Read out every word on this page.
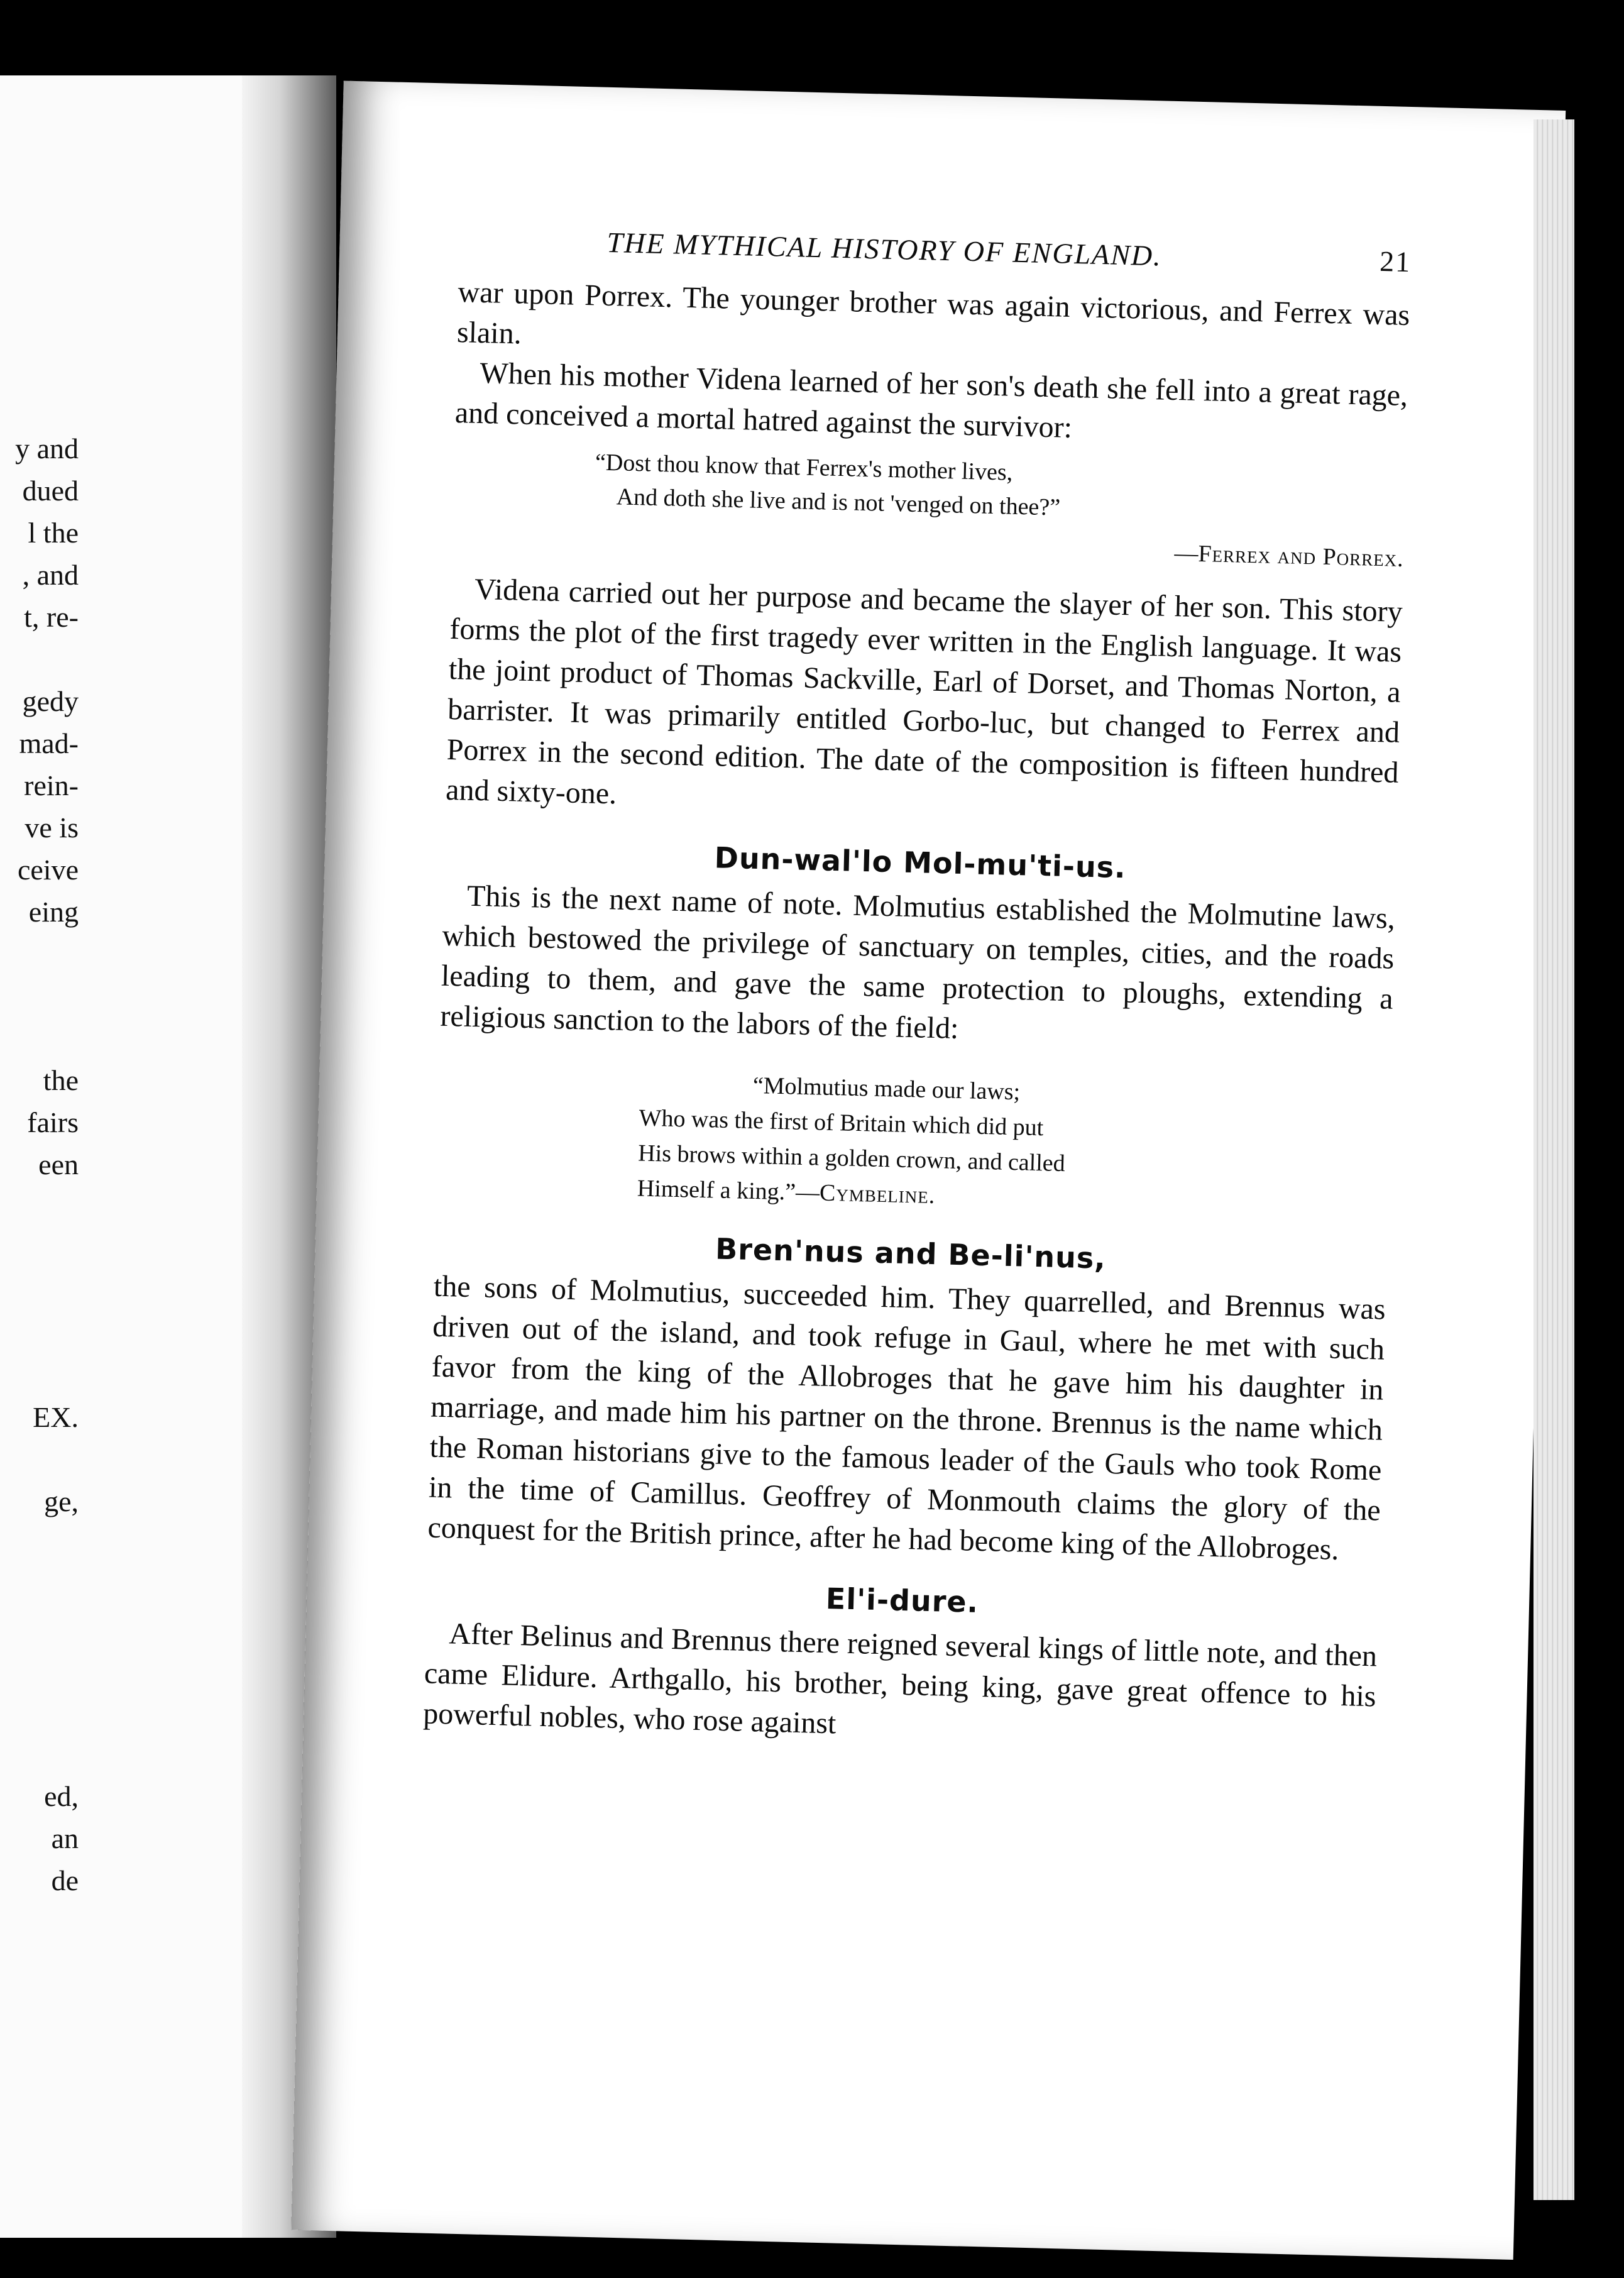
y and
dued
l the
, and
t, re-
gedy
mad-
rein-
ve is
ceive
eing
the
fairs
een
EX.
ge,
ed,
an
de
THE MYTHICAL HISTORY OF ENGLAND.	21

war upon Porrex. The younger brother was again victorious, and Ferrex was slain.

When his mother Videna learned of her son's death she fell into a great rage, and conceived a mortal hatred against the survivor:

“Dost thou know that Ferrex's mother lives,
And doth she live and is not 'venged on thee?”
—Ferrex and Porrex.

Videna carried out her purpose and became the slayer of her son. This story forms the plot of the first tragedy ever written in the English language. It was the joint product of Thomas Sackville, Earl of Dorset, and Thomas Norton, a barrister. It was primarily entitled Gorbo-luc, but changed to Ferrex and Porrex in the second edition. The date of the composition is fifteen hundred and sixty-one.

Dun-wal'lo Mol-mu'ti-us.

This is the next name of note. Molmutius established the Molmutine laws, which bestowed the privilege of sanctuary on temples, cities, and the roads leading to them, and gave the same protection to ploughs, extending a religious sanction to the labors of the field:

“Molmutius made our laws;
Who was the first of Britain which did put
His brows within a golden crown, and called
Himself a king.”—Cymbeline.
Bren'nus and Be-li'nus,

the sons of Molmutius, succeeded him. They quarrelled, and Brennus was driven out of the island, and took refuge in Gaul, where he met with such favor from the king of the Allobroges that he gave him his daughter in marriage, and made him his partner on the throne. Brennus is the name which the Roman historians give to the famous leader of the Gauls who took Rome in the time of Camillus. Geoffrey of Monmouth claims the glory of the conquest for the British prince, after he had become king of the Allobroges.

El'i-dure.

After Belinus and Brennus there reigned several kings of little note, and then came Elidure. Arthgallo, his brother, being king, gave great offence to his powerful nobles, who rose against
